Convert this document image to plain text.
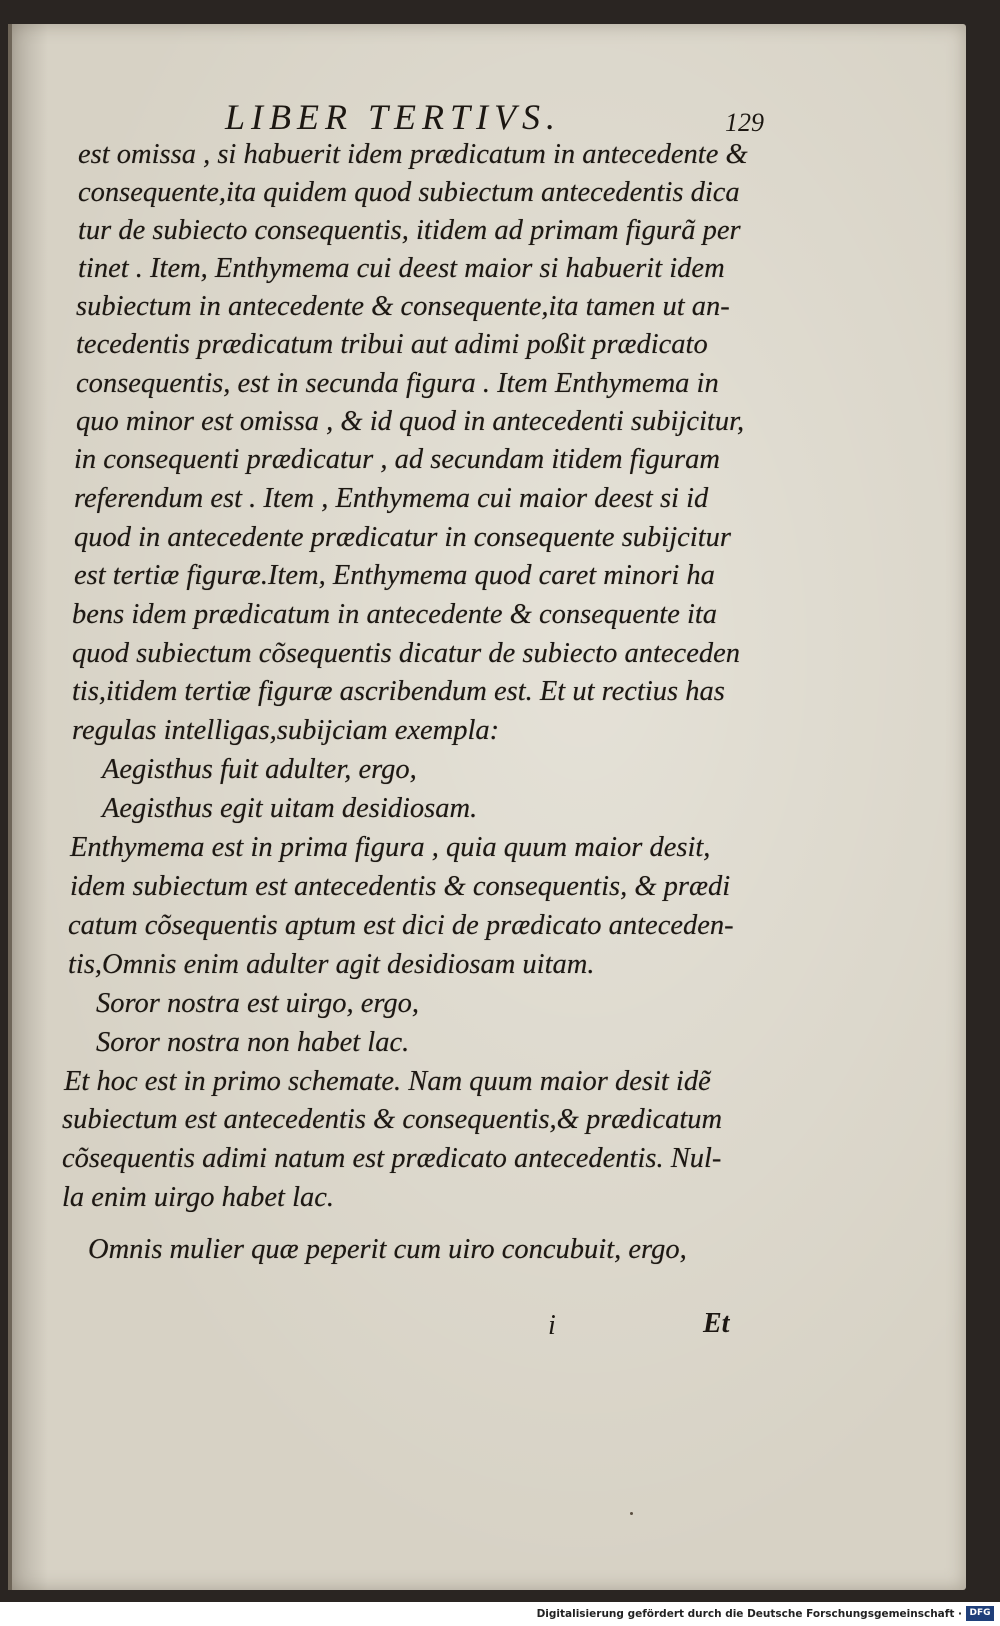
LIBER TERTIVS.	129
est omissa , si habuerit idem prædicatum in antecedente &
consequente,ita quidem quod subiectum antecedentis dica
tur de subiecto consequentis, itidem ad primam figurã per
tinet . Item, Enthymema cui deest maior si habuerit idem
subiectum in antecedente & consequente,ita tamen ut an-
tecedentis prædicatum tribui aut adimi poßit prædicato
consequentis, est in secunda figura . Item Enthymema in
quo minor est omissa , & id quod in antecedenti subijcitur,
in consequenti prædicatur , ad secundam itidem figuram
referendum est . Item , Enthymema cui maior deest si id
quod in antecedente prædicatur in consequente subijcitur
est tertiæ figuræ.Item, Enthymema quod caret minori ha
bens idem prædicatum in antecedente & consequente ita
quod subiectum cõsequentis dicatur de subiecto anteceden
tis,itidem tertiæ figuræ ascribendum est. Et ut rectius has
regulas intelligas,subijciam exempla:
Aegisthus fuit adulter, ergo,
Aegisthus egit uitam desidiosam.
Enthymema est in prima figura , quia quum maior desit,
idem subiectum est antecedentis & consequentis, & prædi
catum cõsequentis aptum est dici de prædicato anteceden-
tis,Omnis enim adulter agit desidiosam uitam.
Soror nostra est uirgo, ergo,
Soror nostra non habet lac.
Et hoc est in primo schemate. Nam quum maior desit idẽ
subiectum est antecedentis & consequentis,& prædicatum
cõsequentis adimi natum est prædicato antecedentis. Nul-
la enim uirgo habet lac.
Omnis mulier quæ peperit cum uiro concubuit, ergo,
i	Et
Digitalisierung gefördert durch die Deutsche Forschungsgemeinschaft · DFG
